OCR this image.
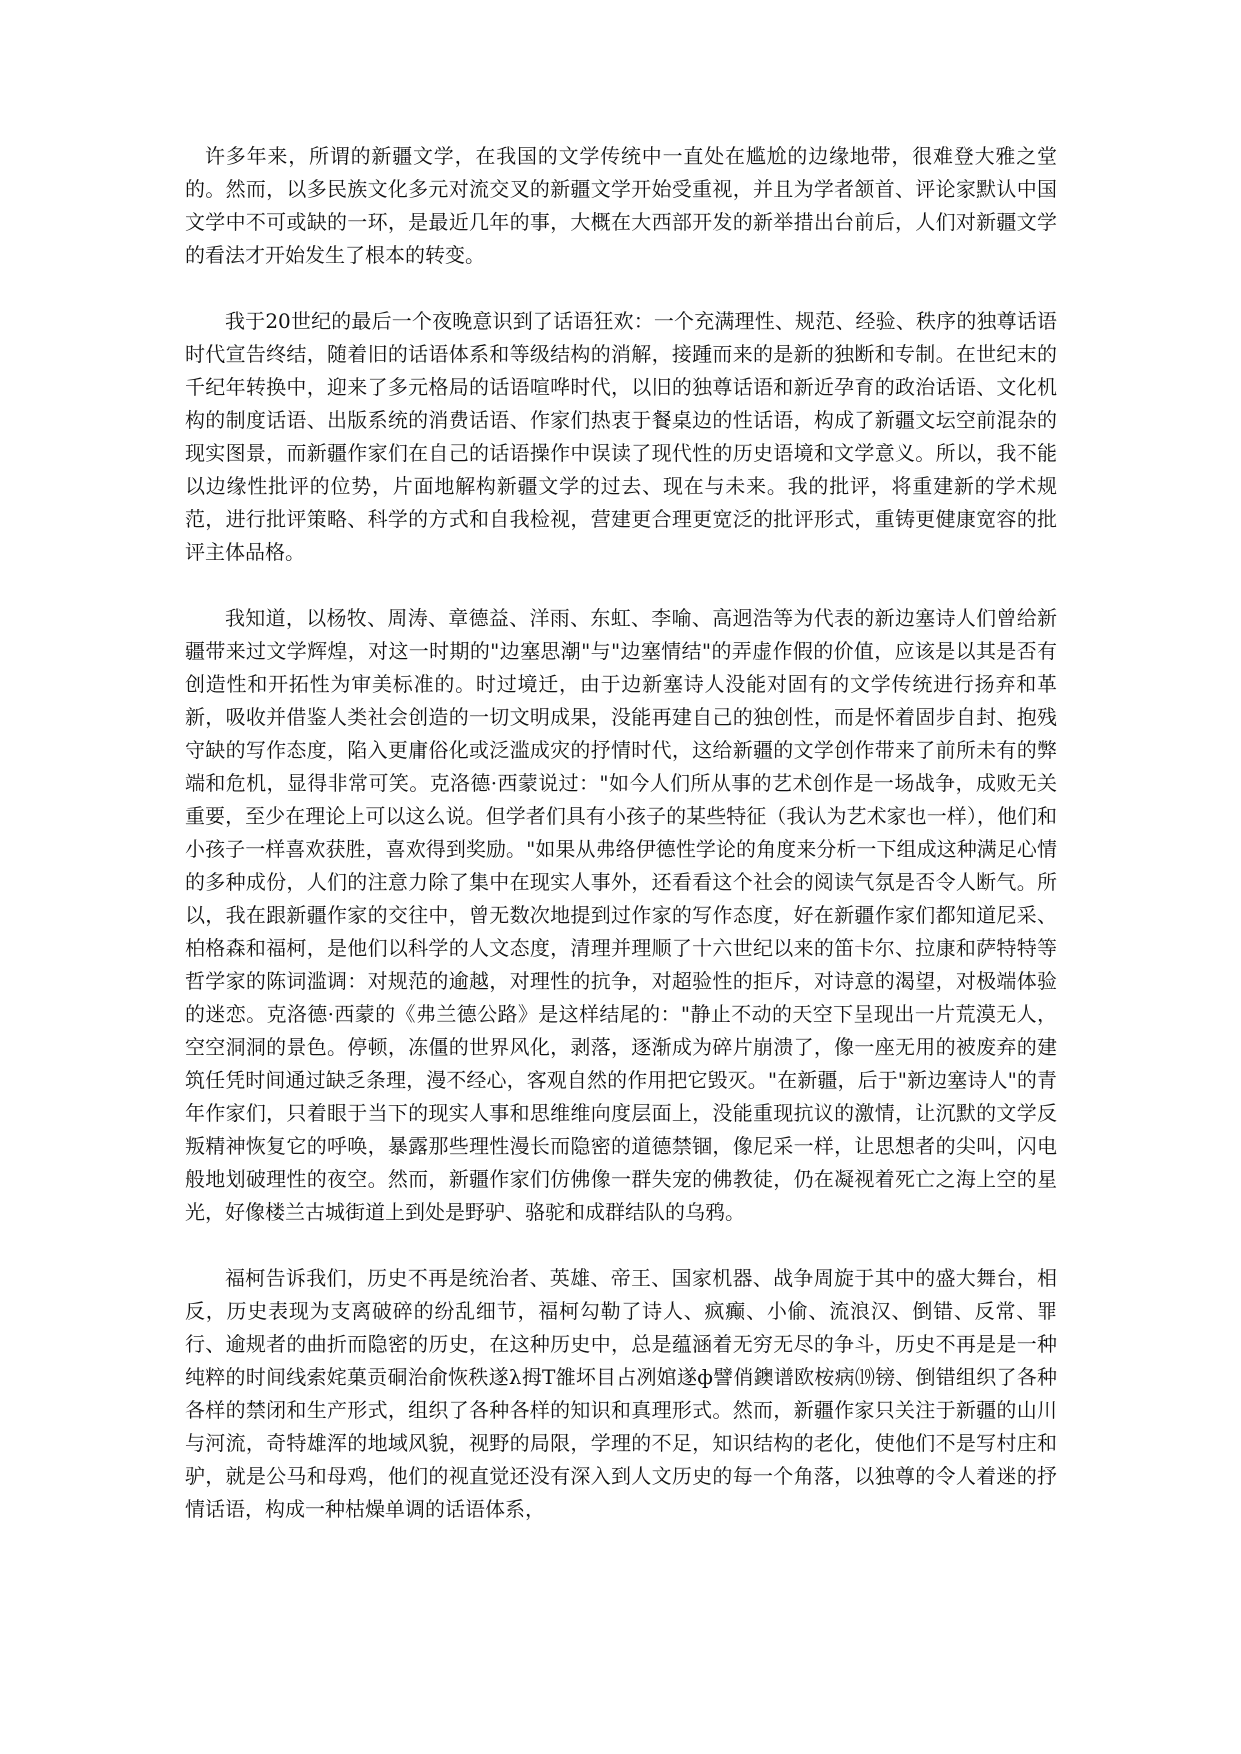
许多年来，所谓的新疆文学，在我国的文学传统中一直处在尴尬的边缘地带，很难登大雅之堂的。然而，以多民族文化多元对流交叉的新疆文学开始受重视，并且为学者颔首、评论家默认中国文学中不可或缺的一环，是最近几年的事，大概在大西部开发的新举措出台前后，人们对新疆文学的看法才开始发生了根本的转变。

我于20世纪的最后一个夜晚意识到了话语狂欢：一个充满理性、规范、经验、秩序的独尊话语时代宣告终结，随着旧的话语体系和等级结构的消解，接踵而来的是新的独断和专制。在世纪末的千纪年转换中，迎来了多元格局的话语喧哗时代，以旧的独尊话语和新近孕育的政治话语、文化机构的制度话语、出版系统的消费话语、作家们热衷于餐桌边的性话语，构成了新疆文坛空前混杂的现实图景，而新疆作家们在自己的话语操作中误读了现代性的历史语境和文学意义。所以，我不能以边缘性批评的位势，片面地解构新疆文学的过去、现在与未来。我的批评，将重建新的学术规范，进行批评策略、科学的方式和自我检视，营建更合理更宽泛的批评形式，重铸更健康宽容的批评主体品格。

我知道，以杨牧、周涛、章德益、洋雨、东虹、李喻、高迥浩等为代表的新边塞诗人们曾给新疆带来过文学辉煌，对这一时期的"边塞思潮"与"边塞情结"的弄虚作假的价值，应该是以其是否有创造性和开拓性为审美标准的。时过境迁，由于边新塞诗人没能对固有的文学传统进行扬弃和革新，吸收并借鉴人类社会创造的一切文明成果，没能再建自己的独创性，而是怀着固步自封、抱残守缺的写作态度，陷入更庸俗化或泛滥成灾的抒情时代，这给新疆的文学创作带来了前所未有的弊端和危机，显得非常可笑。克洛德·西蒙说过："如今人们所从事的艺术创作是一场战争，成败无关重要，至少在理论上可以这么说。但学者们具有小孩子的某些特征（我认为艺术家也一样），他们和小孩子一样喜欢获胜，喜欢得到奖励。"如果从弗络伊德性学论的角度来分析一下组成这种满足心情的多种成份，人们的注意力除了集中在现实人事外，还看看这个社会的阅读气氛是否令人断气。所以，我在跟新疆作家的交往中，曾无数次地提到过作家的写作态度，好在新疆作家们都知道尼采、柏格森和福柯，是他们以科学的人文态度，清理并理顺了十六世纪以来的笛卡尔、拉康和萨特特等哲学家的陈词滥调：对规范的逾越，对理性的抗争，对超验性的拒斥，对诗意的渴望，对极端体验的迷恋。克洛德·西蒙的《弗兰德公路》是这样结尾的："静止不动的天空下呈现出一片荒漠无人，空空洞洞的景色。停顿，冻僵的世界风化，剥落，逐渐成为碎片崩溃了，像一座无用的被废弃的建筑任凭时间通过缺乏条理，漫不经心，客观自然的作用把它毁灭。"在新疆，后于"新边塞诗人"的青年作家们，只着眼于当下的现实人事和思维维向度层面上，没能重现抗议的激情，让沉默的文学反叛精神恢复它的呼唤，暴露那些理性漫长而隐密的道德禁锢，像尼采一样，让思想者的尖叫，闪电般地划破理性的夜空。然而，新疆作家们仿佛像一群失宠的佛教徒，仍在凝视着死亡之海上空的星光，好像楼兰古城街道上到处是野驴、骆驼和成群结队的乌鸦。

福柯告诉我们，历史不再是统治者、英雄、帝王、国家机器、战争周旋于其中的盛大舞台，相反，历史表现为支离破碎的纷乱细节，福柯勾勒了诗人、疯癫、小偷、流浪汉、倒错、反常、罪行、逾规者的曲折而隐密的历史，在这种历史中，总是蕴涵着无穷无尽的争斗，历史不再是是一种纯粹的时间线索姹菓贡硐治俞恢秩遂λ拇Τ雒坏目占冽婠遂ф譬俏鐭谱欧桉病⒆镑、倒错组织了各种各样的禁闭和生产形式，组织了各种各样的知识和真理形式。然而，新疆作家只关注于新疆的山川与河流，奇特雄浑的地域风貌，视野的局限，学理的不足，知识结构的老化，使他们不是写村庄和驴，就是公马和母鸡，他们的视直觉还没有深入到人文历史的每一个角落，以独尊的令人着迷的抒情话语，构成一种枯燥单调的话语体系，
